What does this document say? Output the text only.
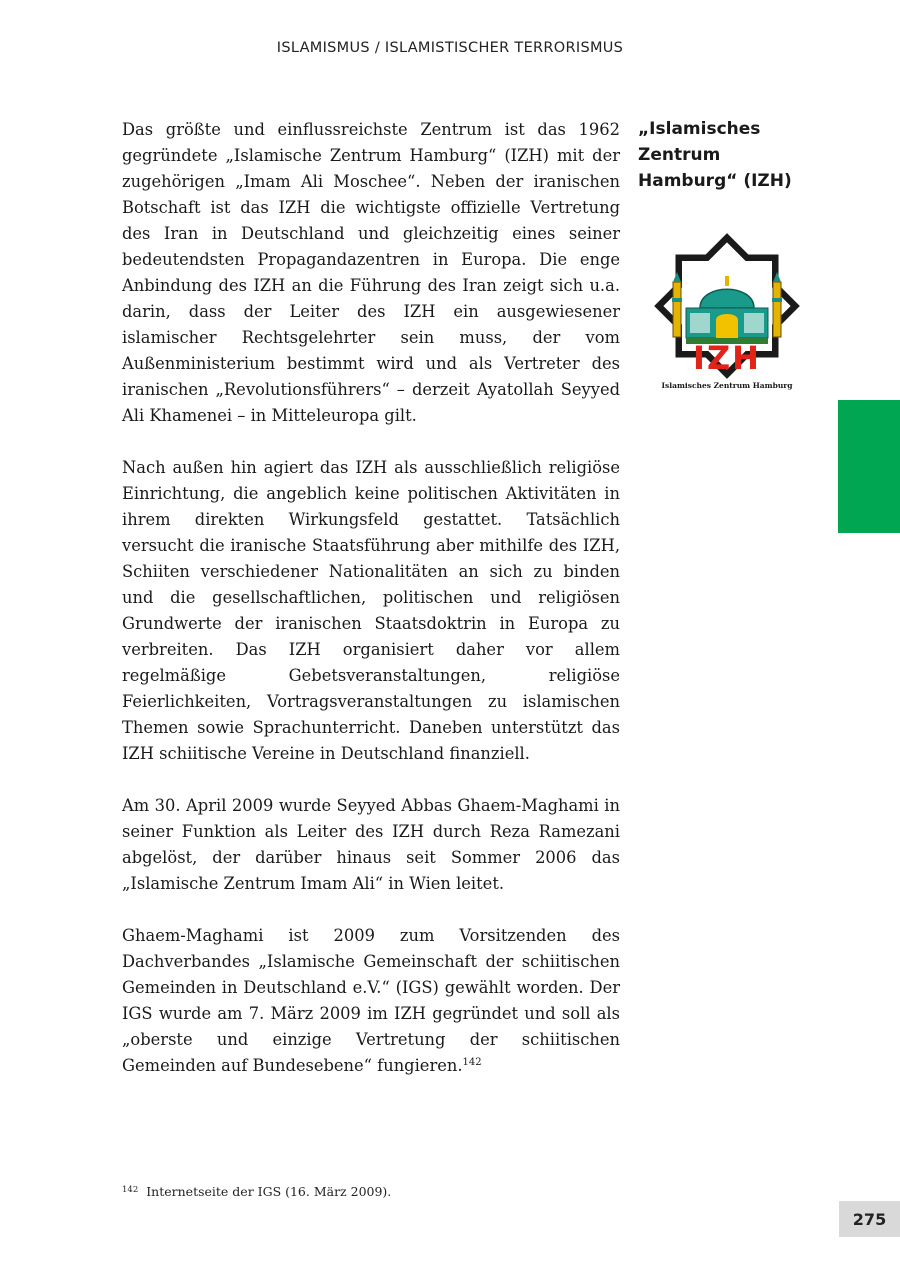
ISLAMISMUS / ISLAMISTISCHER TERRORISMUS

Das größte und einflussreichste Zentrum ist das 1962 gegründete „Islamische Zentrum Hamburg“ (IZH) mit der zugehörigen „Imam Ali Moschee“. Neben der iranischen Botschaft ist das IZH die wichtigste offizielle Vertretung des Iran in Deutschland und gleichzeitig eines seiner bedeutendsten Propagandazentren in Europa. Die enge Anbindung des IZH an die Führung des Iran zeigt sich u.a. darin, dass der Leiter des IZH ein ausgewiesener islamischer Rechtsgelehrter sein muss, der vom Außenministerium bestimmt wird und als Vertreter des iranischen „Revolutionsführers“ – derzeit Ayatollah Seyyed Ali Khamenei – in Mitteleuropa gilt.

Nach außen hin agiert das IZH als ausschließlich religiöse Einrichtung, die angeblich keine politischen Aktivitäten in ihrem direkten Wirkungsfeld gestattet. Tatsächlich versucht die iranische Staatsführung aber mithilfe des IZH, Schiiten verschiedener Nationalitäten an sich zu binden und die gesellschaftlichen, politischen und religiösen Grundwerte der iranischen Staatsdoktrin in Europa zu verbreiten. Das IZH organisiert daher vor allem regelmäßige Gebetsveranstaltungen, religiöse Feierlichkeiten, Vortragsveranstaltungen zu islamischen Themen sowie Sprachunterricht. Daneben unterstützt das IZH schiitische Vereine in Deutschland finanziell.

Am 30. April 2009 wurde Seyyed Abbas Ghaem-Maghami in seiner Funktion als Leiter des IZH durch Reza Ramezani abgelöst, der darüber hinaus seit Sommer 2006 das „Islamische Zentrum Imam Ali“ in Wien leitet.

Ghaem-Maghami ist 2009 zum Vorsitzenden des Dachverbandes „Islamische Gemeinschaft der schiitischen Gemeinden in Deutschland e.V.“ (IGS) gewählt worden. Der IGS wurde am 7. März 2009 im IZH gegründet und soll als „oberste und einzige Vertretung der schiitischen Gemeinden auf Bundesebene“ fungieren.$^{142}$

„Islamisches
Zentrum
Hamburg“ (IZH)
IZH
Islamisches Zentrum Hamburg
$^{142}$ Internetseite der IGS (16. März 2009).
275
